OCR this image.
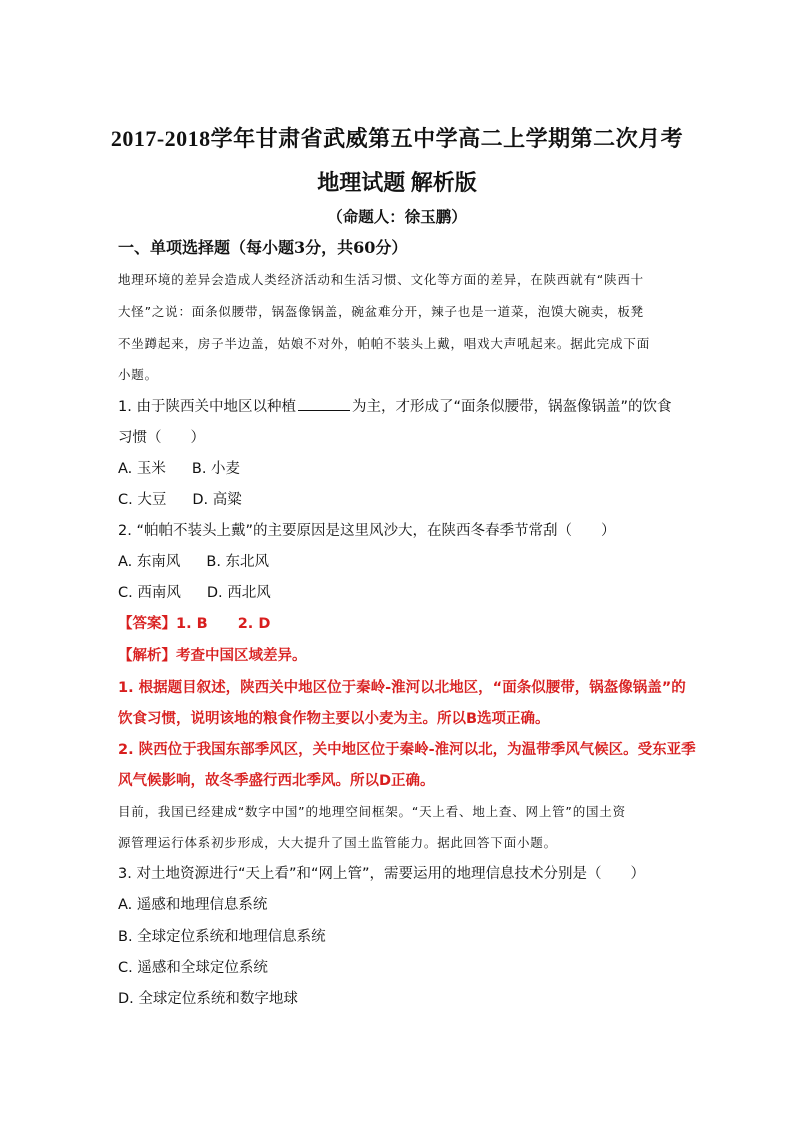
2017-2018学年甘肃省武威第五中学高二上学期第二次月考
地理试题 解析版
（命题人：徐玉鹏）
一、单项选择题（每小题3分，共60分）
地理环境的差异会造成人类经济活动和生活习惯、文化等方面的差异，在陕西就有“陕西十
大怪”之说：面条似腰带，锅盔像锅盖，碗盆难分开，辣子也是一道菜，泡馍大碗卖，板凳
不坐蹲起来，房子半边盖，姑娘不对外，帕帕不装头上戴，唱戏大声吼起来。据此完成下面
小题。
1. 由于陕西关中地区以种植	为主，才形成了“面条似腰带，锅盔像锅盖”的饮食
习惯（　　）
A. 玉米 B. 小麦
C. 大豆 D. 高粱
2. “帕帕不装头上戴”的主要原因是这里风沙大，在陕西冬春季节常刮（　　）
A. 东南风 B. 东北风
C. 西南风 D. 西北风
【答案】1. B 2. D
【解析】考查中国区域差异。
1. 根据题目叙述，陕西关中地区位于秦岭-淮河以北地区，“面条似腰带，锅盔像锅盖”的
饮食习惯，说明该地的粮食作物主要以小麦为主。所以B选项正确。
2. 陕西位于我国东部季风区，关中地区位于秦岭-淮河以北，为温带季风气候区。受东亚季
风气候影响，故冬季盛行西北季风。所以D正确。
目前，我国已经建成“数字中国”的地理空间框架。“天上看、地上查、网上管”的国土资
源管理运行体系初步形成，大大提升了国土监管能力。据此回答下面小题。
3. 对土地资源进行“天上看”和“网上管”，需要运用的地理信息技术分别是（　　）
A. 遥感和地理信息系统
B. 全球定位系统和地理信息系统
C. 遥感和全球定位系统
D. 全球定位系统和数字地球
